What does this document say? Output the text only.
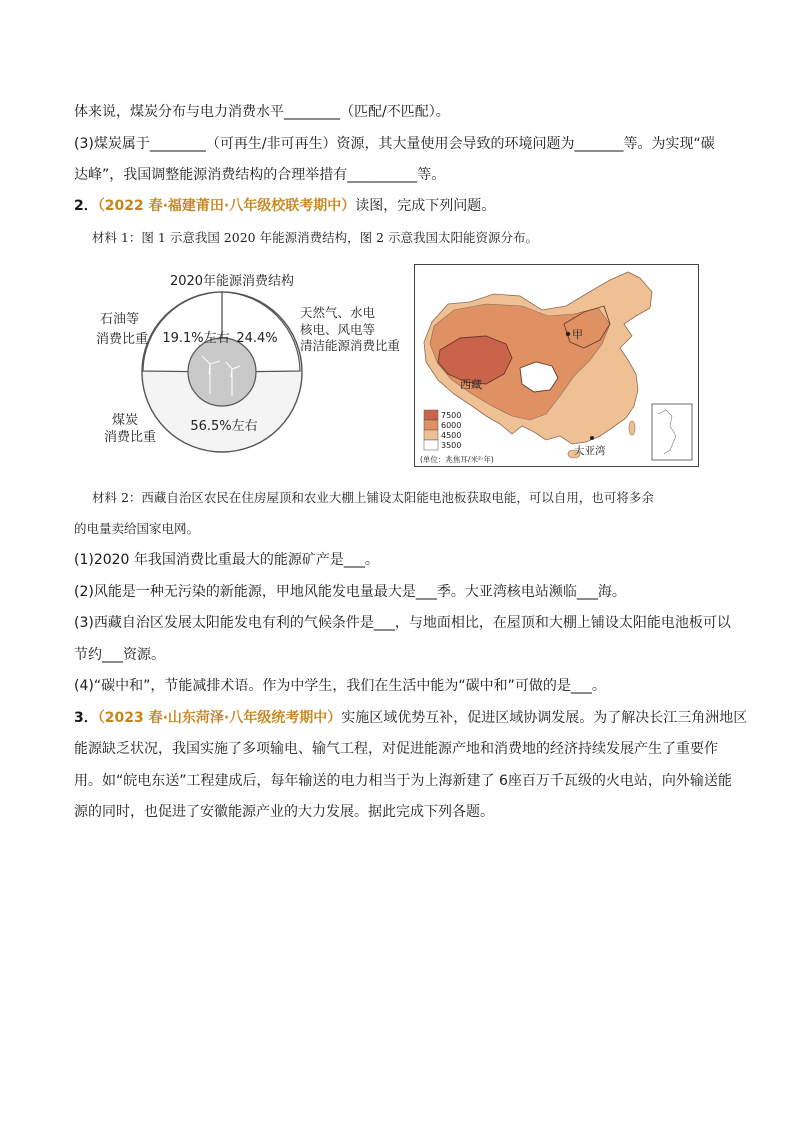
体来说，煤炭分布与电力消费水平________（匹配/不匹配）。
(3)煤炭属于________（可再生/非可再生）资源，其大量使用会导致的环境问题为_______等。为实现“碳
达峰”，我国调整能源消费结构的合理举措有__________等。
2．（2022 春·福建莆田·八年级校联考期中）读图，完成下列问题。
材料 1：图 1 示意我国 2020 年能源消费结构，图 2 示意我国太阳能资源分布。
2020年能源消费结构
19.1%左右 24.4%
56.5%左右
石油等
消费比重
天然气、水电
核电、风电等
清洁能源消费比重
煤炭
消费比重
甲
西藏
大亚湾
7500
6000
4500
3500
(单位：兆焦耳/米²·年)
材料 2：西藏自治区农民在住房屋顶和农业大棚上铺设太阳能电池板获取电能，可以自用，也可将多余
的电量卖给国家电网。
(1)2020 年我国消费比重最大的能源矿产是___。
(2)风能是一种无污染的新能源，甲地风能发电量最大是___季。大亚湾核电站濒临___海。
(3)西藏自治区发展太阳能发电有利的气候条件是___，与地面相比，在屋顶和大棚上铺设太阳能电池板可以
节约___资源。
(4)“碳中和”，节能减排术语。作为中学生，我们在生活中能为“碳中和”可做的是___。
3．（2023 春·山东菏泽·八年级统考期中）实施区域优势互补，促进区域协调发展。为了解决长江三角洲地区
能源缺乏状况，我国实施了多项输电、输气工程，对促进能源产地和消费地的经济持续发展产生了重要作
用。如“皖电东送”工程建成后，每年输送的电力相当于为上海新建了 6座百万千瓦级的火电站，向外输送能
源的同时，也促进了安徽能源产业的大力发展。据此完成下列各题。
